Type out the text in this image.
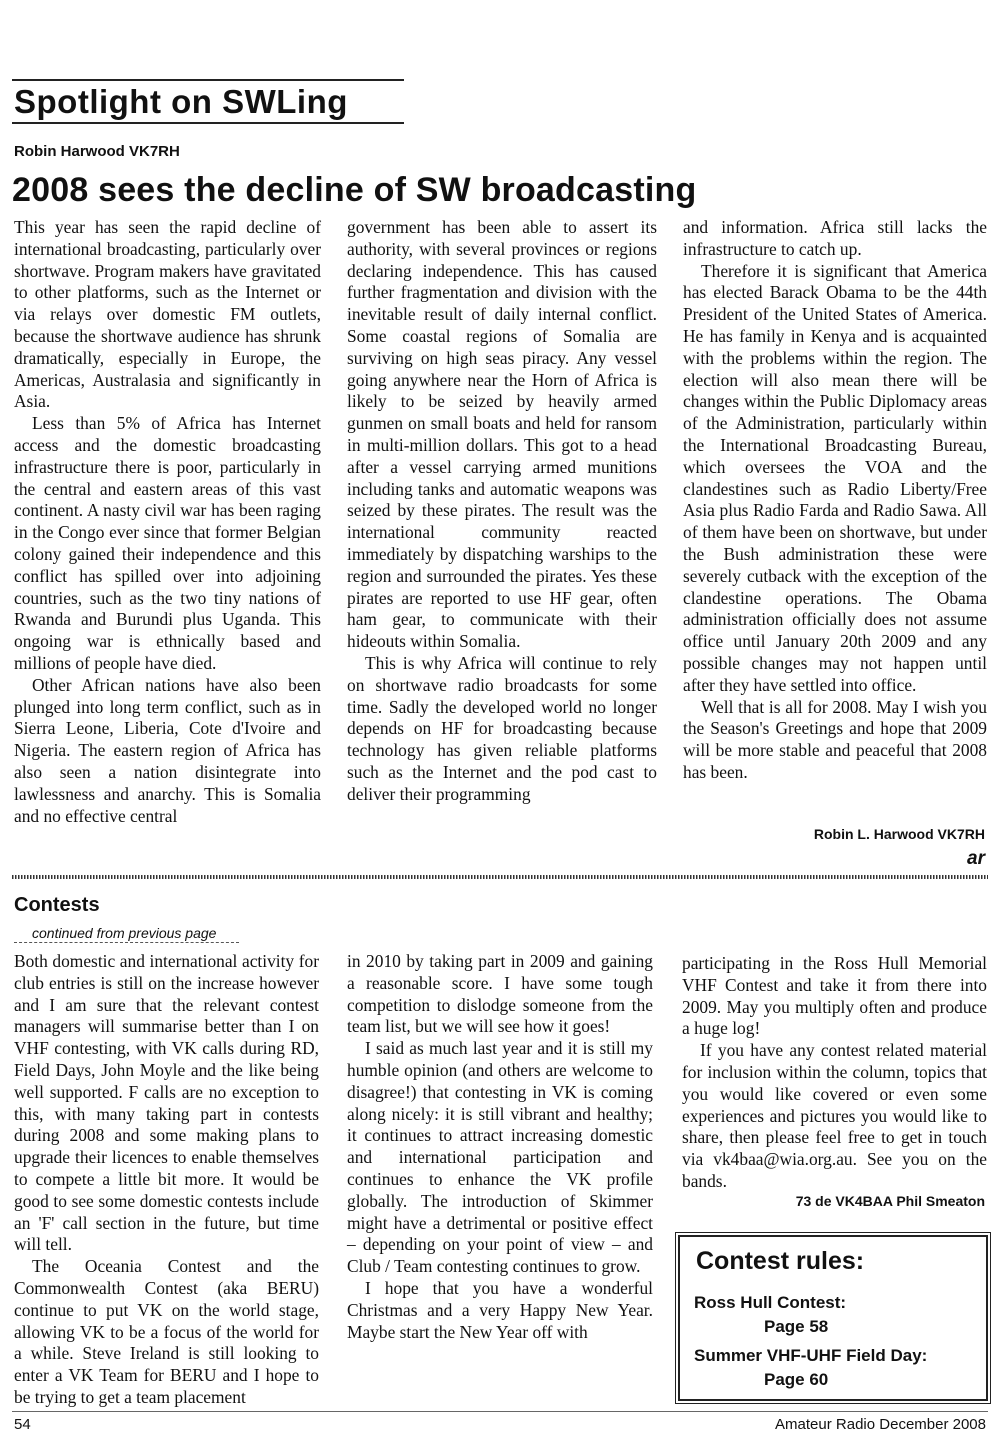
Spotlight on SWLing
Robin Harwood VK7RH
2008 sees the decline of SW broadcasting

This year has seen the rapid decline of international broadcasting, particularly over shortwave. Program makers have gravitated to other platforms, such as the Internet or via relays over domestic FM outlets, because the shortwave audience has shrunk dramatically, especially in Europe, the Americas, Australasia and significantly in Asia.

Less than 5% of Africa has Internet access and the domestic broadcasting infrastructure there is poor, particularly in the central and eastern areas of this vast continent. A nasty civil war has been raging in the Congo ever since that former Belgian colony gained their independence and this conflict has spilled over into adjoining countries, such as the two tiny nations of Rwanda and Burundi plus Uganda. This ongoing war is ethnically based and millions of people have died.

Other African nations have also been plunged into long term conflict, such as in Sierra Leone, Liberia, Cote d'Ivoire and Nigeria. The eastern region of Africa has also seen a nation disintegrate into lawlessness and anarchy. This is Somalia and no effective central

government has been able to assert its authority, with several provinces or regions declaring independence. This has caused further fragmentation and division with the inevitable result of daily internal conflict. Some coastal regions of Somalia are surviving on high seas piracy. Any vessel going anywhere near the Horn of Africa is likely to be seized by heavily armed gunmen on small boats and held for ransom in multi-million dollars. This got to a head after a vessel carrying armed munitions including tanks and automatic weapons was seized by these pirates. The result was the international community reacted immediately by dispatching warships to the region and surrounded the pirates. Yes these pirates are reported to use HF gear, often ham gear, to communicate with their hideouts within Somalia.

This is why Africa will continue to rely on shortwave radio broadcasts for some time. Sadly the developed world no longer depends on HF for broadcasting because technology has given reliable platforms such as the Internet and the pod cast to deliver their programming

and information. Africa still lacks the infrastructure to catch up.

Therefore it is significant that America has elected Barack Obama to be the 44th President of the United States of America. He has family in Kenya and is acquainted with the problems within the region. The election will also mean there will be changes within the Public Diplomacy areas of the Administration, particularly within the International Broadcasting Bureau, which oversees the VOA and the clandestines such as Radio Liberty/Free Asia plus Radio Farda and Radio Sawa. All of them have been on shortwave, but under the Bush administration these were severely cutback with the exception of the clandestine operations. The Obama administration officially does not assume office until January 20th 2009 and any possible changes may not happen until after they have settled into office.

Well that is all for 2008. May I wish you the Season's Greetings and hope that 2009 will be more stable and peaceful that 2008 has been.

Robin L. Harwood VK7RH
ar
Contests
continued from previous page

Both domestic and international activity for club entries is still on the increase however and I am sure that the relevant contest managers will summarise better than I on VHF contesting, with VK calls during RD, Field Days, John Moyle and the like being well supported. F calls are no exception to this, with many taking part in contests during 2008 and some making plans to upgrade their licences to enable themselves to compete a little bit more. It would be good to see some domestic contests include an 'F' call section in the future, but time will tell.

The Oceania Contest and the Commonwealth Contest (aka BERU) continue to put VK on the world stage, allowing VK to be a focus of the world for a while. Steve Ireland is still looking to enter a VK Team for BERU and I hope to be trying to get a team placement

in 2010 by taking part in 2009 and gaining a reasonable score. I have some tough competition to dislodge someone from the team list, but we will see how it goes!

I said as much last year and it is still my humble opinion (and others are welcome to disagree!) that contesting in VK is coming along nicely: it is still vibrant and healthy; it continues to attract increasing domestic and international participation and continues to enhance the VK profile globally. The introduction of Skimmer might have a detrimental or positive effect – depending on your point of view – and Club / Team contesting continues to grow.

I hope that you have a wonderful Christmas and a very Happy New Year. Maybe start the New Year off with

participating in the Ross Hull Memorial VHF Contest and take it from there into 2009. May you multiply often and produce a huge log!

If you have any contest related material for inclusion within the column, topics that you would like covered or even some experiences and pictures you would like to share, then please feel free to get in touch via vk4baa@wia.org.au. See you on the bands.

73 de VK4BAA Phil Smeaton
Contest rules:
Ross Hull Contest:
Page 58
Summer VHF-UHF Field Day:
Page 60
54	Amateur Radio December 2008
